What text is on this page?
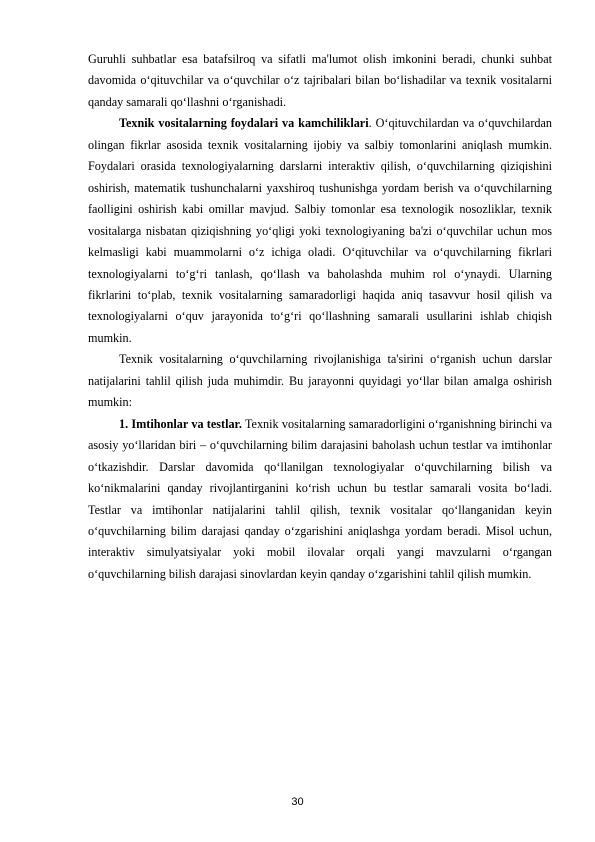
Guruhli suhbatlar esa batafsilroq va sifatli ma'lumot olish imkonini beradi, chunki suhbat davomida o‘qituvchilar va o‘quvchilar o‘z tajribalari bilan bo‘lishadilar va texnik vositalarni qanday samarali qo‘llashni o‘rganishadi.

Texnik vositalarning foydalari va kamchiliklari. O‘qituvchilardan va o‘quvchilardan olingan fikrlar asosida texnik vositalarning ijobiy va salbiy tomonlarini aniqlash mumkin. Foydalari orasida texnologiyalarning darslarni interaktiv qilish, o‘quvchilarning qiziqishini oshirish, matematik tushunchalarni yaxshiroq tushunishga yordam berish va o‘quvchilarning faolligini oshirish kabi omillar mavjud. Salbiy tomonlar esa texnologik nosozliklar, texnik vositalarga nisbatan qiziqishning yo‘qligi yoki texnologiyaning ba'zi o‘quvchilar uchun mos kelmasligi kabi muammolarni o‘z ichiga oladi. O‘qituvchilar va o‘quvchilarning fikrlari texnologiyalarni to‘g‘ri tanlash, qo‘llash va baholashda muhim rol o‘ynaydi. Ularning fikrlarini to‘plab, texnik vositalarning samaradorligi haqida aniq tasavvur hosil qilish va texnologiyalarni o‘quv jarayonida to‘g‘ri qo‘llashning samarali usullarini ishlab chiqish mumkin.

Texnik vositalarning o‘quvchilarning rivojlanishiga ta'sirini o‘rganish uchun darslar natijalarini tahlil qilish juda muhimdir. Bu jarayonni quyidagi yo‘llar bilan amalga oshirish mumkin:

1. Imtihonlar va testlar. Texnik vositalarning samaradorligini o‘rganishning birinchi va asosiy yo‘llaridan biri – o‘quvchilarning bilim darajasini baholash uchun testlar va imtihonlar o‘tkazishdir. Darslar davomida qo‘llanilgan texnologiyalar o‘quvchilarning bilish va ko‘nikmalarini qanday rivojlantirganini ko‘rish uchun bu testlar samarali vosita bo‘ladi. Testlar va imtihonlar natijalarini tahlil qilish, texnik vositalar qo‘llanganidan keyin o‘quvchilarning bilim darajasi qanday o‘zgarishini aniqlashga yordam beradi. Misol uchun, interaktiv simulyatsiyalar yoki mobil ilovalar orqali yangi mavzularni o‘rgangan o‘quvchilarning bilish darajasi sinovlardan keyin qanday o‘zgarishini tahlil qilish mumkin.

30
